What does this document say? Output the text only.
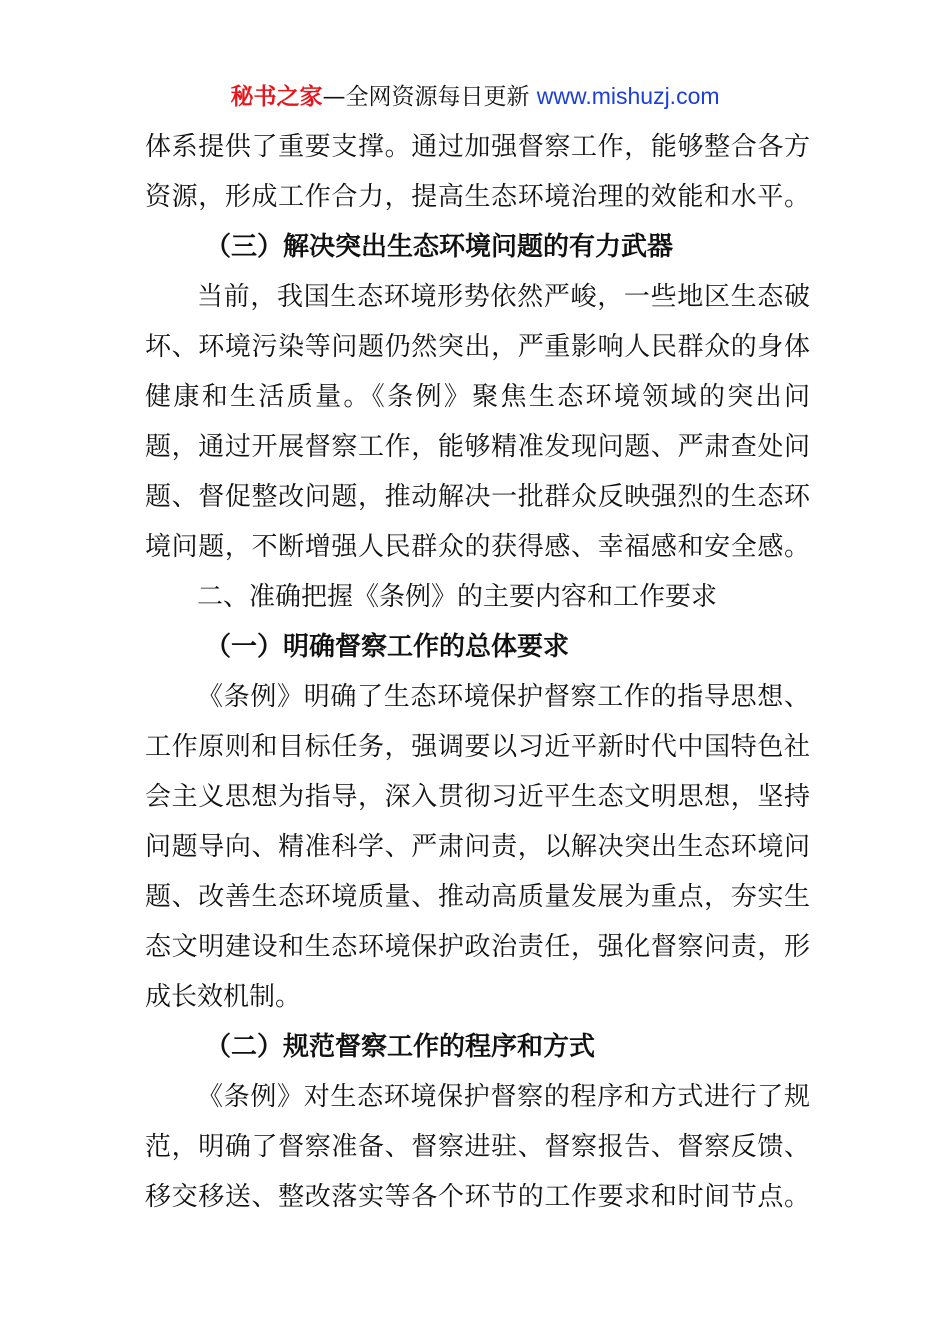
秘书之家—全网资源每日更新 www.mishuzj.com
体系提供了重要支撑。通过加强督察工作，能够整合各方
资源，形成工作合力，提高生态环境治理的效能和水平。
（三）解决突出生态环境问题的有力武器
当前，我国生态环境形势依然严峻，一些地区生态破
坏、环境污染等问题仍然突出，严重影响人民群众的身体
健康和生活质量。《条例》聚焦生态环境领域的突出问
题，通过开展督察工作，能够精准发现问题、严肃查处问
题、督促整改问题，推动解决一批群众反映强烈的生态环
境问题，不断增强人民群众的获得感、幸福感和安全感。
二、准确把握《条例》的主要内容和工作要求
（一）明确督察工作的总体要求
《条例》明确了生态环境保护督察工作的指导思想、
工作原则和目标任务，强调要以习近平新时代中国特色社
会主义思想为指导，深入贯彻习近平生态文明思想，坚持
问题导向、精准科学、严肃问责，以解决突出生态环境问
题、改善生态环境质量、推动高质量发展为重点，夯实生
态文明建设和生态环境保护政治责任，强化督察问责，形
成长效机制。
（二）规范督察工作的程序和方式
《条例》对生态环境保护督察的程序和方式进行了规
范，明确了督察准备、督察进驻、督察报告、督察反馈、
移交移送、整改落实等各个环节的工作要求和时间节点。
